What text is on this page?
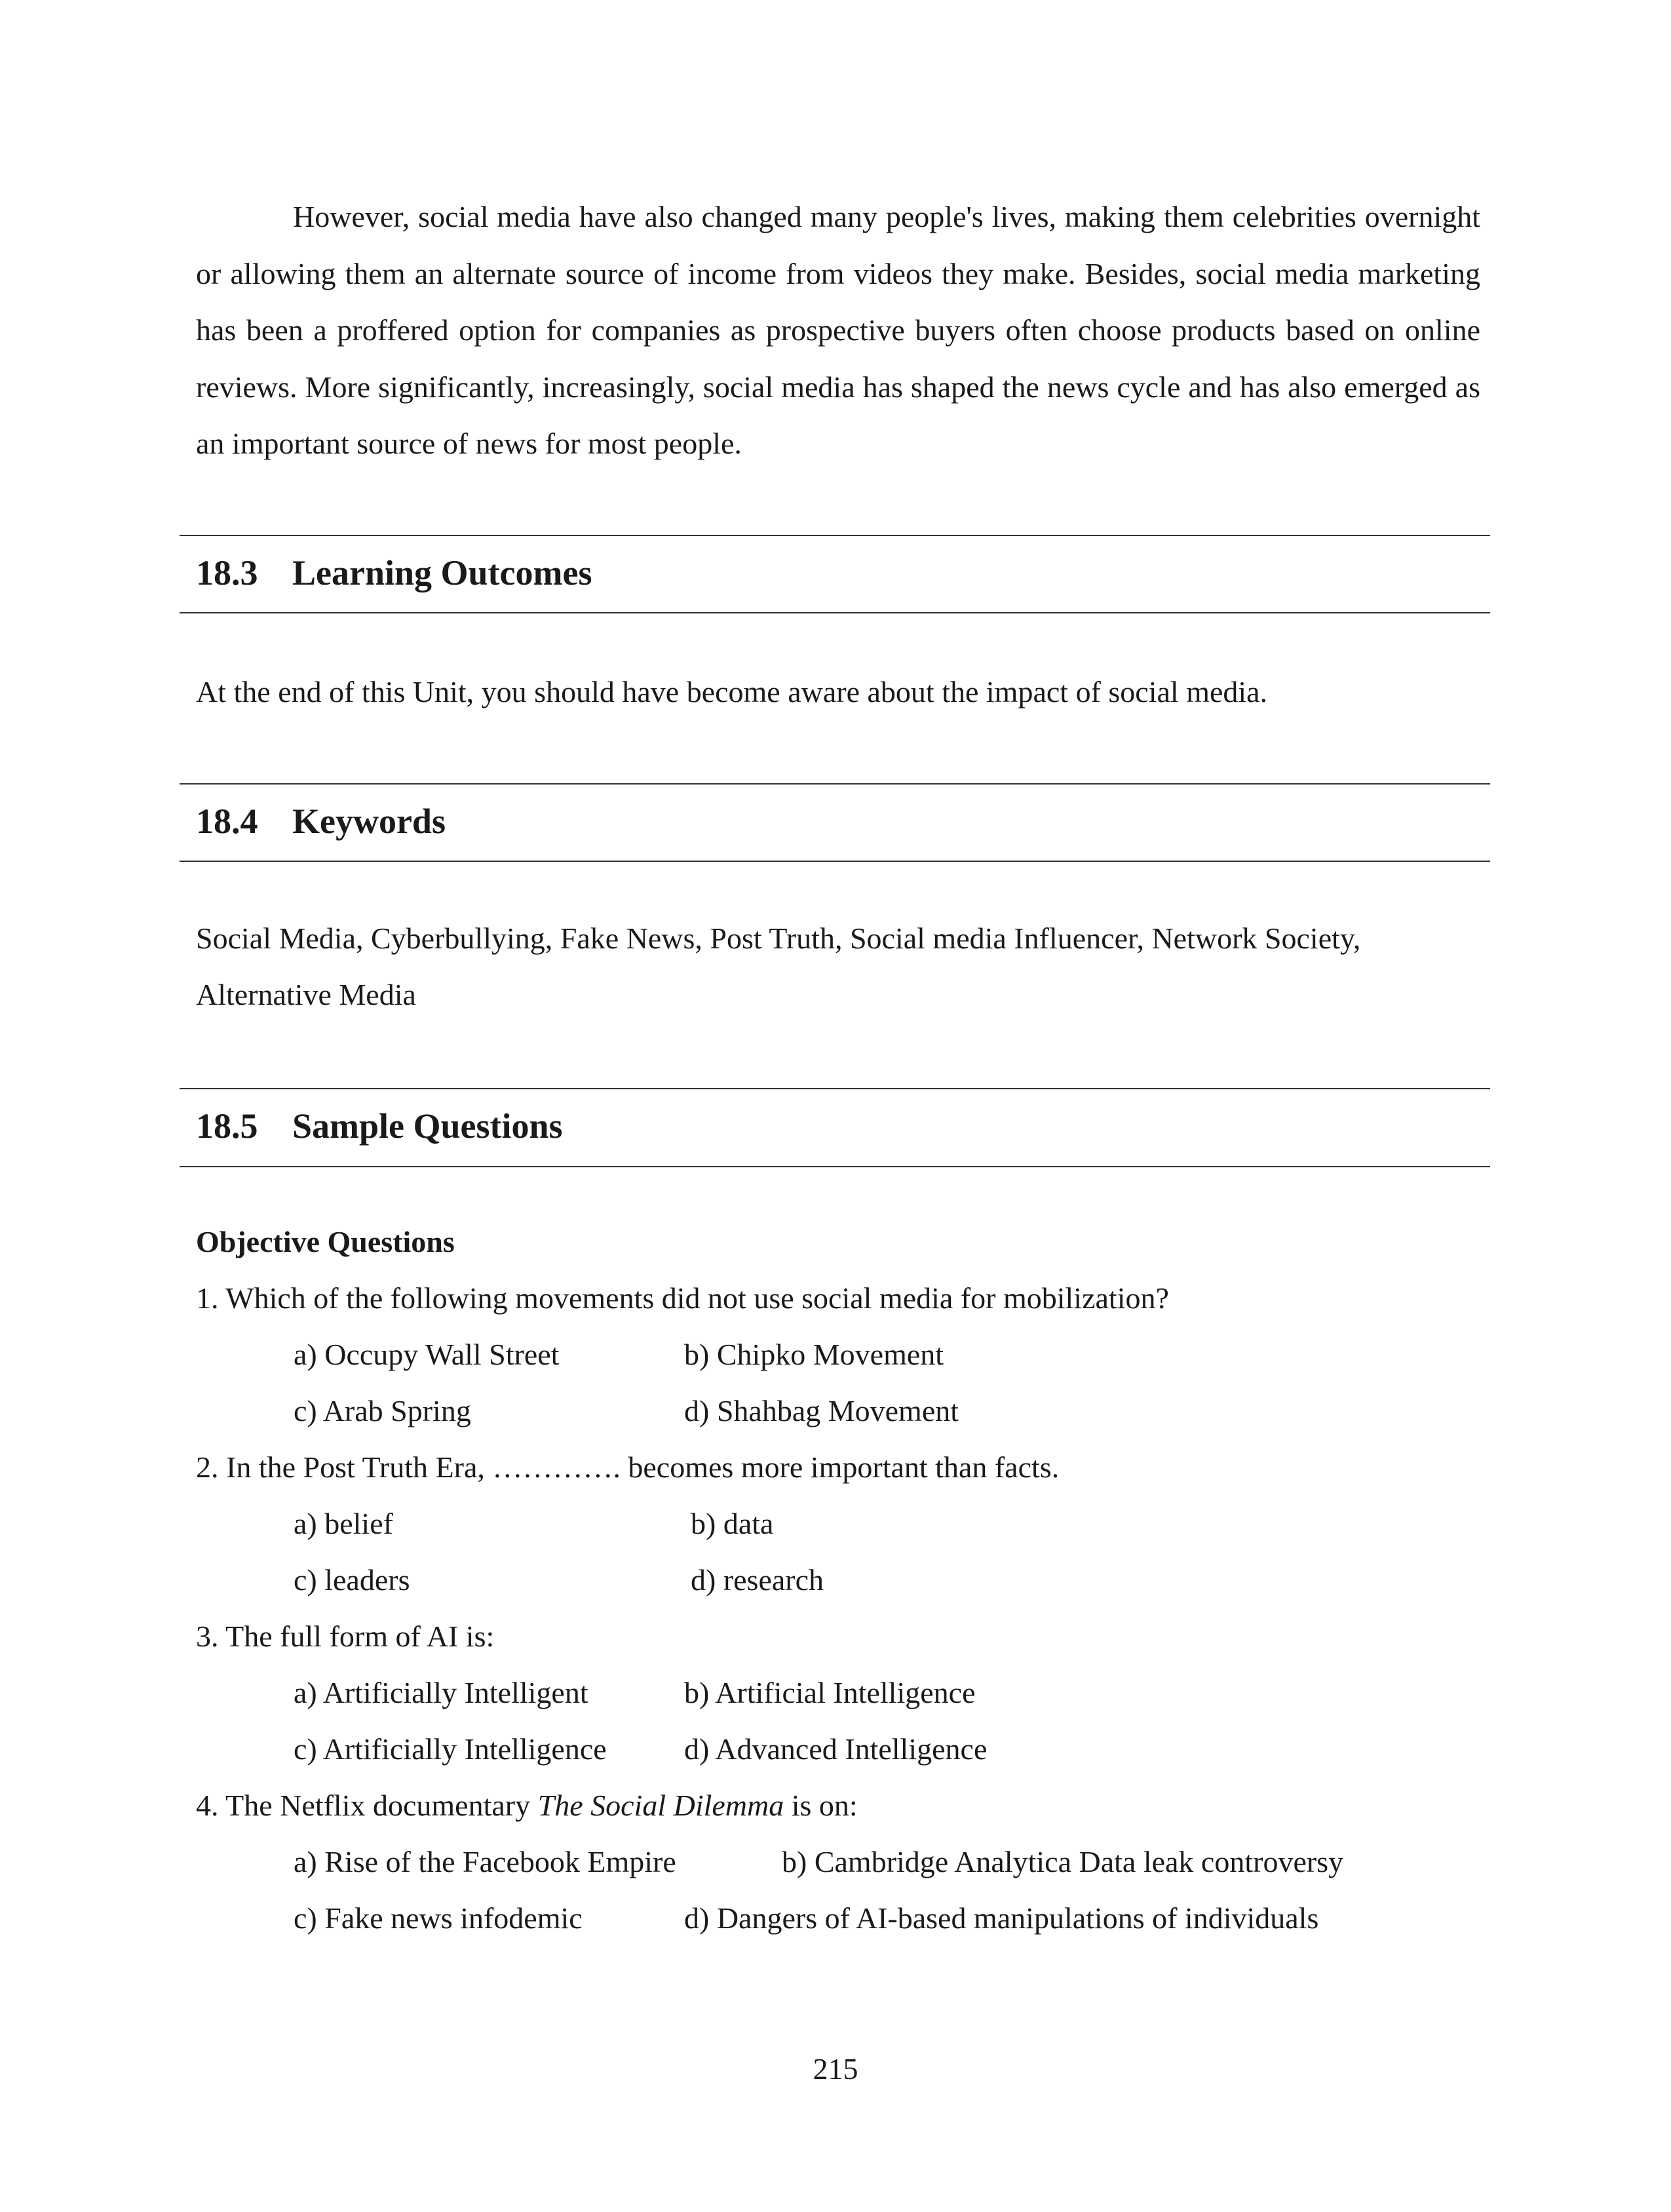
However, social media have also changed many people's lives, making them celebrities overnight or allowing them an alternate source of income from videos they make. Besides, social media marketing has been a proffered option for companies as prospective buyers often choose products based on online reviews. More significantly, increasingly, social media has shaped the news cycle and has also emerged as an important source of news for most people.

18.3 Learning Outcomes

At the end of this Unit, you should have become aware about the impact of social media.

18.4 Keywords

Social Media, Cyberbullying, Fake News, Post Truth, Social media Influencer, Network Society,

Alternative Media

18.5 Sample Questions

Objective Questions

1. Which of the following movements did not use social media for mobilization?

a) Occupy Wall Street	b) Chipko Movement

c) Arab Spring	d) Shahbag Movement

2. In the Post Truth Era, …………. becomes more important than facts.

a) belief	b) data

c) leaders	d) research

3. The full form of AI is:

a) Artificially Intelligent	b) Artificial Intelligence

c) Artificially Intelligence	d) Advanced Intelligence

4. The Netflix documentary The Social Dilemma is on:

a) Rise of the Facebook Empire	b) Cambridge Analytica Data leak controversy

c) Fake news infodemic	d) Dangers of AI-based manipulations of individuals

215
